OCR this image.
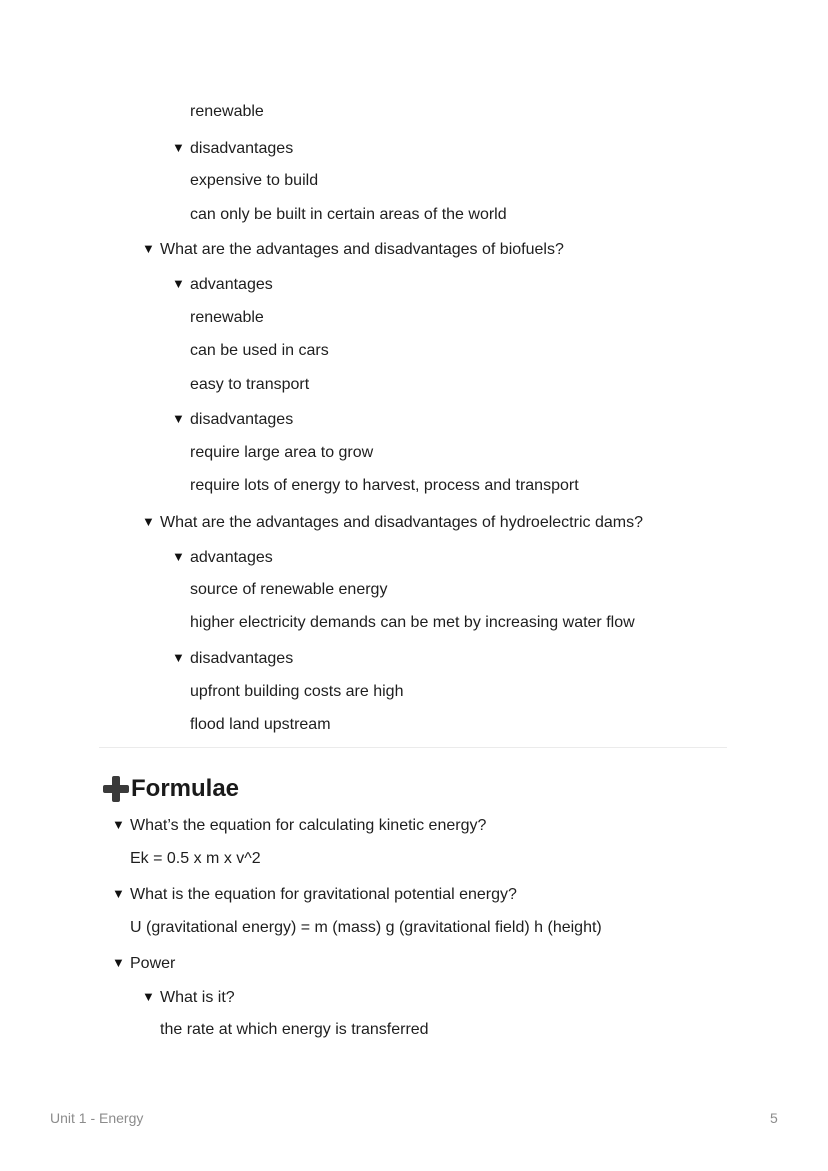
renewable
▼ disadvantages
expensive to build
can only be built in certain areas of the world
▼ What are the advantages and disadvantages of biofuels?
▼ advantages
renewable
can be used in cars
easy to transport
▼ disadvantages
require large area to grow
require lots of energy to harvest, process and transport
▼ What are the advantages and disadvantages of hydroelectric dams?
▼ advantages
source of renewable energy
higher electricity demands can be met by increasing water flow
▼ disadvantages
upfront building costs are high
flood land upstream
Formulae
▼ What’s the equation for calculating kinetic energy?
Ek = 0.5 x m x v^2
▼ What is the equation for gravitational potential energy?
U (gravitational energy) = m (mass) g (gravitational field) h (height)
▼ Power
▼ What is it?
the rate at which energy is transferred
Unit 1 - Energy	5
